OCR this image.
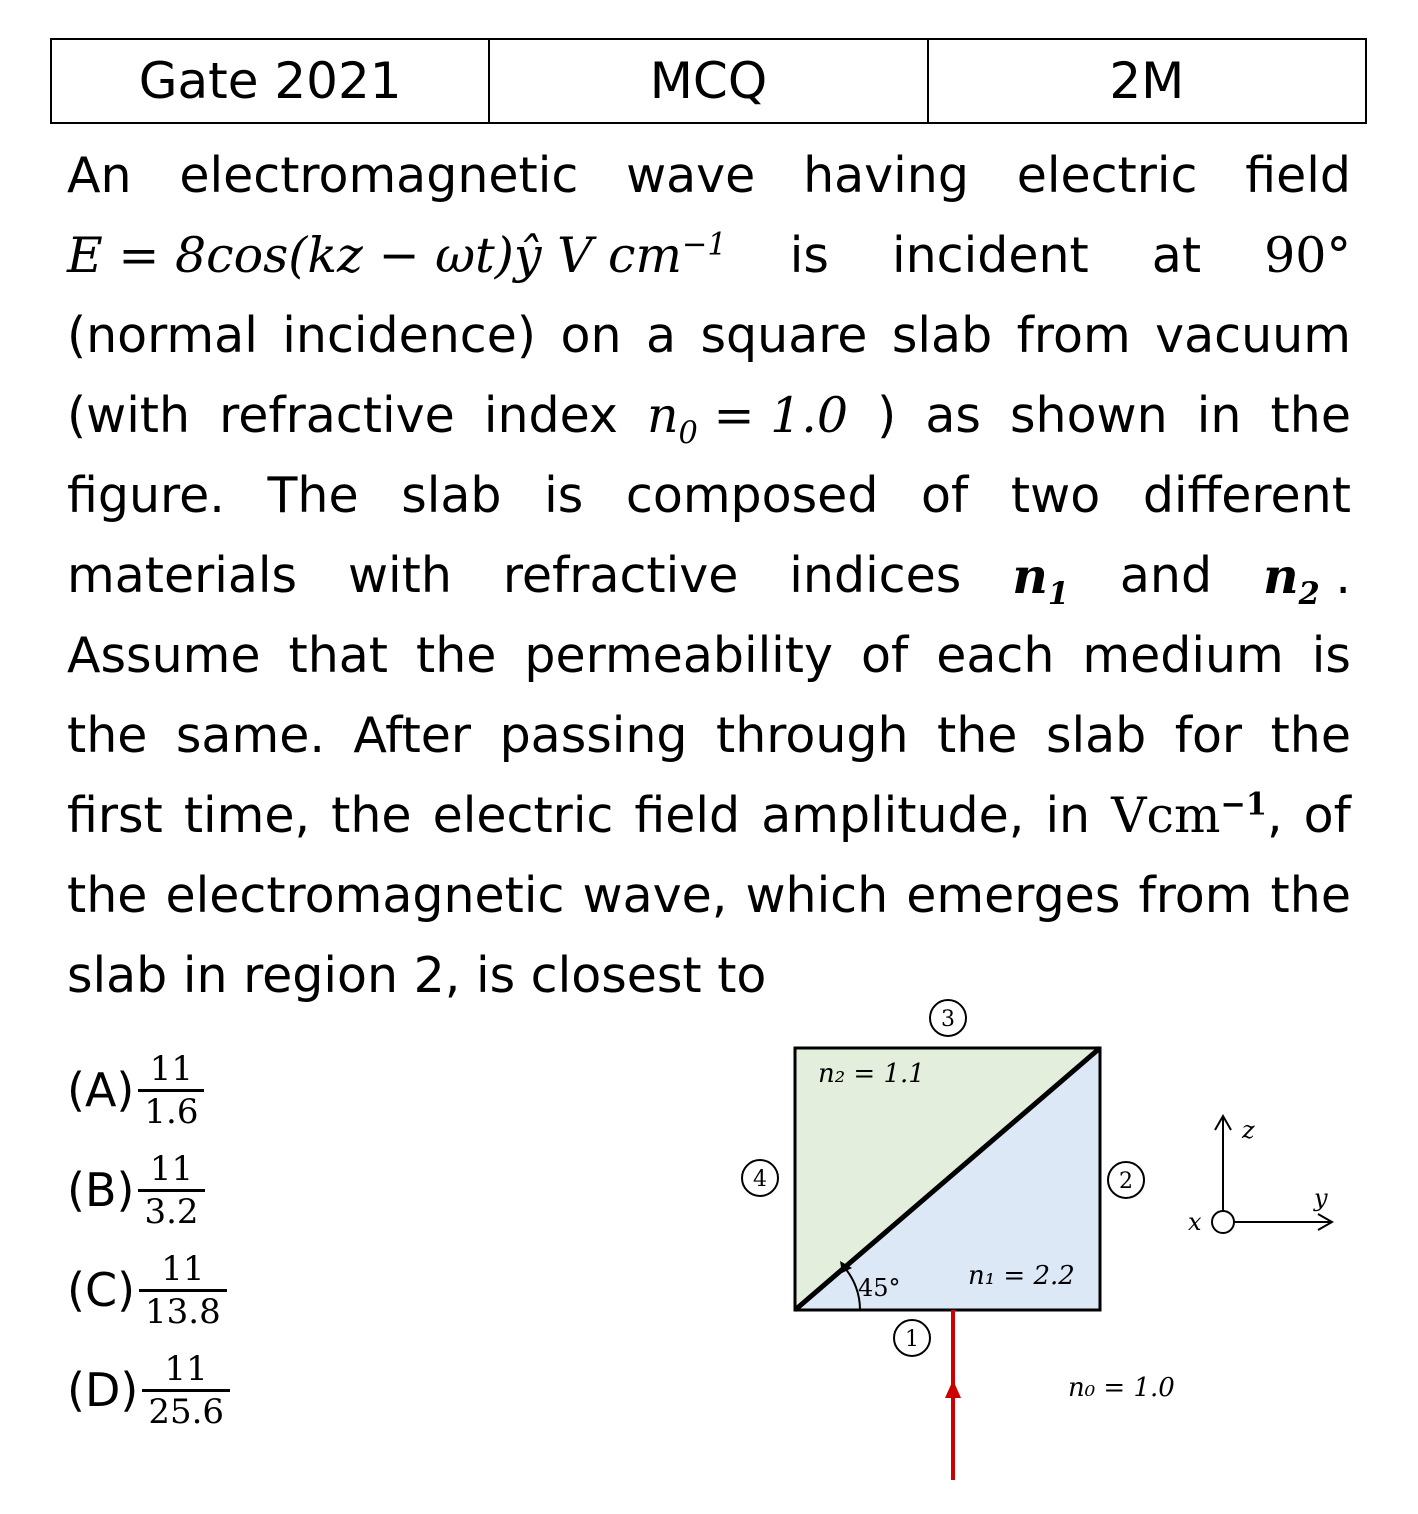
Gate 2021	MCQ	2M
An electromagnetic wave having electric field
E = 8cos(kz − ωt)ŷ V $cm^{-1}$ is incident at 90°
(normal incidence) on a square slab from vacuum
(with refractive index $n_0 = 1.0$ ) as shown in the
figure. The slab is composed of two different
materials with refractive indices $n_1$ and $n_2$ .
Assume that the permeability of each medium is
the same. After passing through the slab for the
first time, the electric field amplitude, in Vcm$^{-1}$, of
the electromagnetic wave, which emerges from the
slab in region 2, is closest to
$(A) \frac{11}{1.6}$
$(B) \frac{11}{3.2}$
$(C) \frac{11}{13.8}$
$(D) \frac{11}{25.6}$
45°
n₂ = 1.1
n₁ = 2.2
n₀ = 1.0
3
4	2
1
z
y
x
